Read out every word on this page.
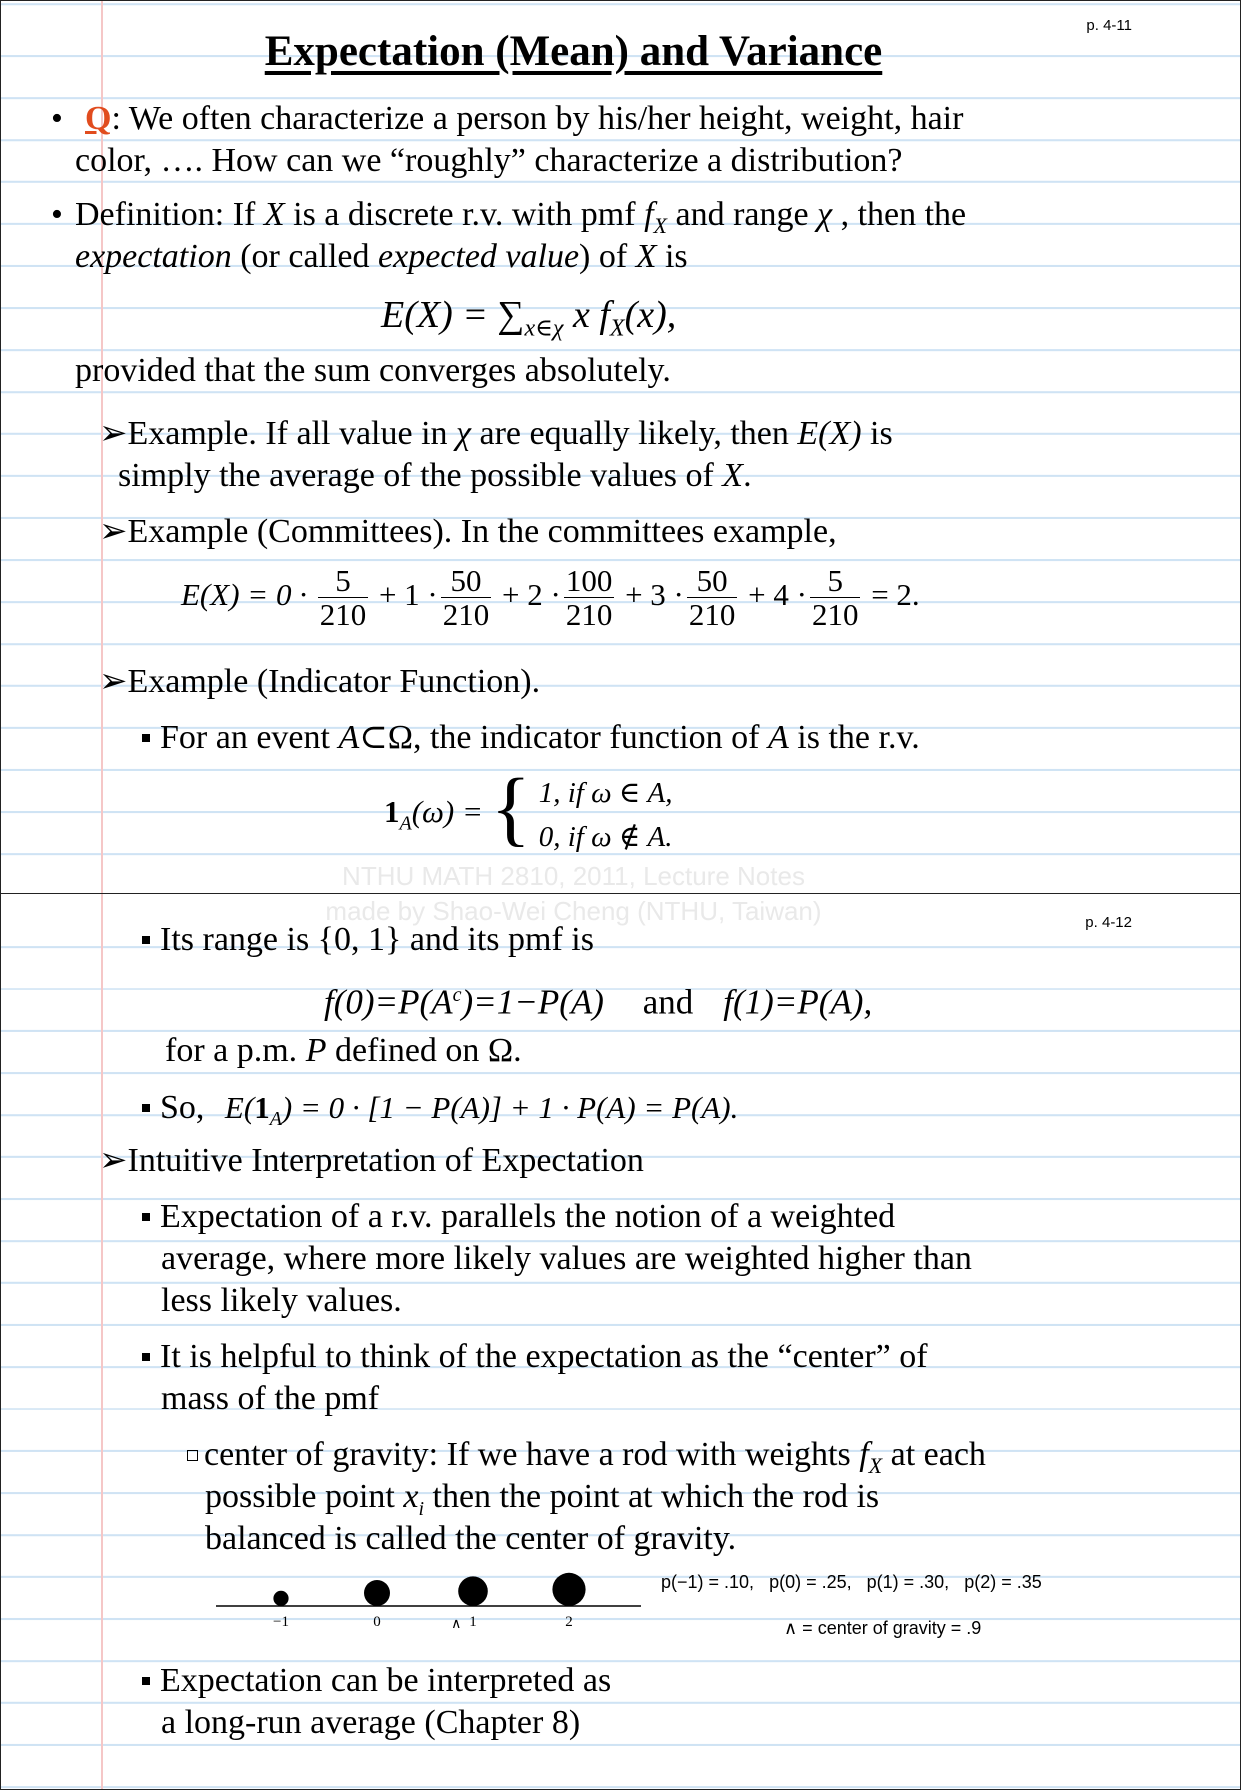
p. 4-11
Expectation (Mean) and Variance
• Q: We often characterize a person by his/her height, weight, hair
color, …. How can we “roughly” characterize a distribution?
• Definition: If X is a discrete r.v. with pmf $f_X$ and range χ , then the
expectation (or called expected value) of X is
$E(X) = \sum_{x\in\chi}$ x $f_X(x)$,
provided that the sum converges absolutely.
➢Example. If all value in χ are equally likely, then E(X) is
simply the average of the possible values of X.
➢Example (Committees). In the committees example,
$E(X) = 0 \cdot \frac{5}{210} + 1 \cdot \frac{50}{210} + 2 \cdot \frac{100}{210} + 3 \cdot \frac{50}{210} + 4 \cdot \frac{5}{210} = 2$.
➢Example (Indicator Function).
For an event A⊂Ω, the indicator function of A is the r.v.
$1_A(\omega)$ = { 1, if ω ∈ A,
0, if ω ∉ A.
NTHU MATH 2810, 2011, Lecture Notes
made by Shao-Wei Cheng (NTHU, Taiwan)	p. 4-12
Its range is {0, 1} and its pmf is
$f(0)=P(A^c)=1-P(A)$ and f(1)=P(A),
for a p.m. P defined on Ω.
So, $E(1_A) = 0 \cdot [1 - P(A)] + 1 \cdot P(A) = P(A)$.
➢Intuitive Interpretation of Expectation
Expectation of a r.v. parallels the notion of a weighted
average, where more likely values are weighted higher than
less likely values.
It is helpful to think of the expectation as the “center” of
mass of the pmf
center of gravity: If we have a rod with weights $f_X$ at each
possible point $x_i$ then the point at which the rod is
balanced is called the center of gravity.
−1	0	1	2
∧
p(−1) = .10, p(0) = .25, p(1) = .30, p(2) = .35
∧ = center of gravity = .9
Expectation can be interpreted as
a long-run average (Chapter 8)
